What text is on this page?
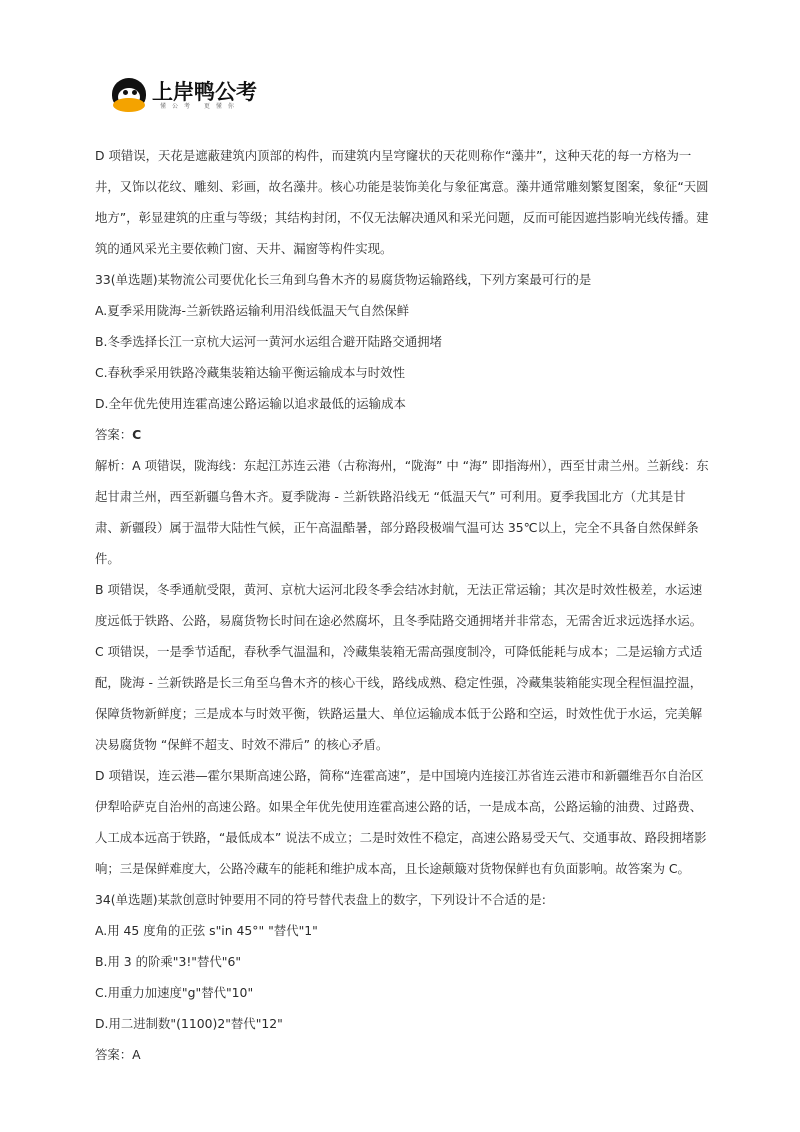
上岸鸭公考
懂公考 更懂你

D 项错误，天花是遮蔽建筑内顶部的构件，而建筑内呈穹窿状的天花则称作“藻井”，这种天花的每一方格为一井，又饰以花纹、雕刻、彩画，故名藻井。核心功能是装饰美化与象征寓意。藻井通常雕刻繁复图案，象征“天圆地方”，彰显建筑的庄重与等级；其结构封闭，不仅无法解决通风和采光问题，反而可能因遮挡影响光线传播。建筑的通风采光主要依赖门窗、天井、漏窗等构件实现。

33(单选题)某物流公司要优化长三角到乌鲁木齐的易腐货物运输路线，下列方案最可行的是

A.夏季采用陇海-兰新铁路运输利用沿线低温天气自然保鲜

B.冬季选择长江一京杭大运河一黄河水运组合避开陆路交通拥堵

C.春秋季采用铁路冷藏集装箱达输平衡运输成本与时效性

D.全年优先使用连霍高速公路运输以追求最低的运输成本

答案：C

解析：A 项错误，陇海线：东起江苏连云港（古称海州，“陇海” 中 “海” 即指海州），西至甘肃兰州。兰新线：东起甘肃兰州，西至新疆乌鲁木齐。夏季陇海 - 兰新铁路沿线无 “低温天气” 可利用。夏季我国北方（尤其是甘肃、新疆段）属于温带大陆性气候，正午高温酷暑，部分路段极端气温可达 35℃以上，完全不具备自然保鲜条件。

B 项错误，冬季通航受限，黄河、京杭大运河北段冬季会结冰封航，无法正常运输；其次是时效性极差，水运速度远低于铁路、公路，易腐货物长时间在途必然腐坏，且冬季陆路交通拥堵并非常态，无需舍近求远选择水运。

C 项错误，一是季节适配，春秋季气温温和，冷藏集装箱无需高强度制冷，可降低能耗与成本；二是运输方式适配，陇海 - 兰新铁路是长三角至乌鲁木齐的核心干线，路线成熟、稳定性强，冷藏集装箱能实现全程恒温控温，保障货物新鲜度；三是成本与时效平衡，铁路运量大、单位运输成本低于公路和空运，时效性优于水运，完美解决易腐货物 “保鲜不超支、时效不滞后” 的核心矛盾。

D 项错误，连云港—霍尔果斯高速公路，简称“连霍高速”，是中国境内连接江苏省连云港市和新疆维吾尔自治区伊犁哈萨克自治州的高速公路。如果全年优先使用连霍高速公路的话，一是成本高，公路运输的油费、过路费、人工成本远高于铁路，“最低成本” 说法不成立；二是时效性不稳定，高速公路易受天气、交通事故、路段拥堵影响；三是保鲜难度大，公路冷藏车的能耗和维护成本高，且长途颠簸对货物保鲜也有负面影响。故答案为 C。

34(单选题)某款创意时钟要用不同的符号替代表盘上的数字，下列设计不合适的是:

A.用 45 度角的正弦 s"in 45°" "替代"1"

B.用 3 的阶乘"3!"替代"6"

C.用重力加速度"g"替代"10"

D.用二进制数"(1100)2"替代"12"

答案：A
